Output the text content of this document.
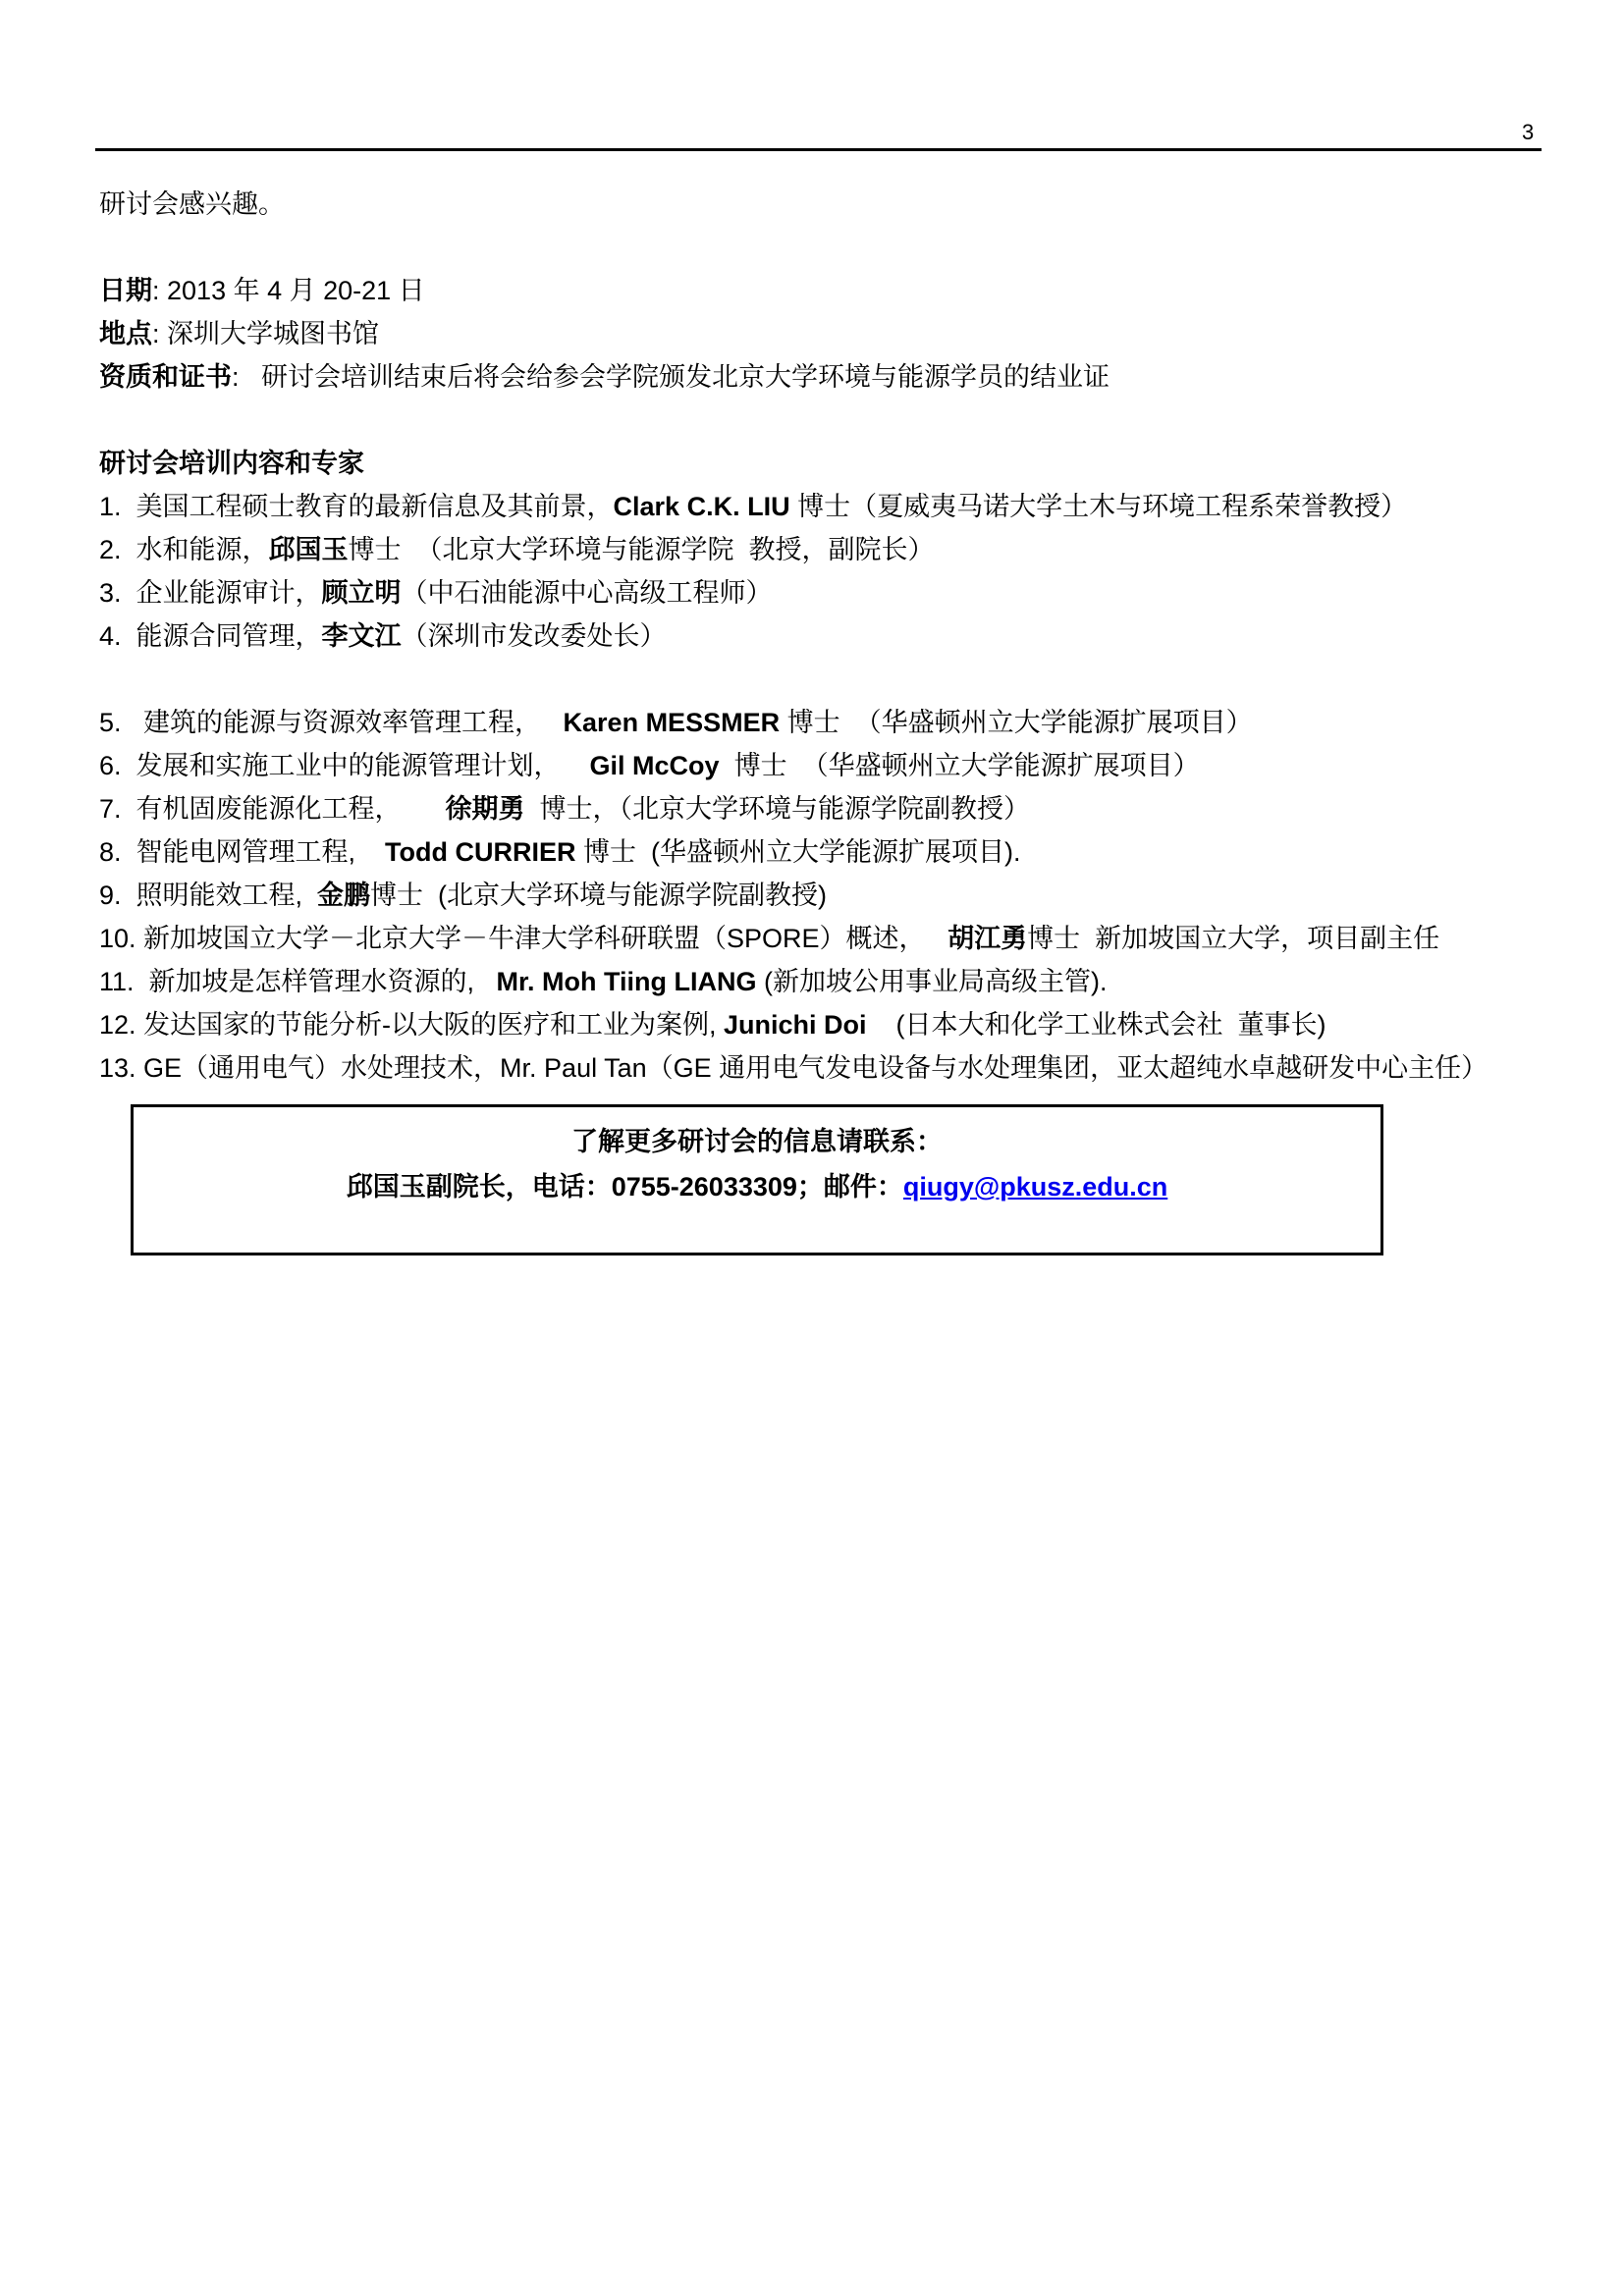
3
研讨会感兴趣。
日期: 2013 年 4 月 20-21 日
地点: 深圳大学城图书馆
资质和证书:   研讨会培训结束后将会给参会学院颁发北京大学环境与能源学员的结业证
研讨会培训内容和专家
1.  美国工程硕士教育的最新信息及其前景，Clark C.K. LIU 博士（夏威夷马诺大学土木与环境工程系荣誉教授）
2.  水和能源，邱国玉博士  （北京大学环境与能源学院  教授，副院长）
3.  企业能源审计，顾立明（中石油能源中心高级工程师）
4.  能源合同管理，李文江（深圳市发改委处长）
5.   建筑的能源与资源效率管理工程，   Karen MESSMER 博士  （华盛顿州立大学能源扩展项目）
6.  发展和实施工业中的能源管理计划，    Gil McCoy  博士  （华盛顿州立大学能源扩展项目）
7.  有机固废能源化工程，      徐期勇  博士，（北京大学环境与能源学院副教授）
8.  智能电网管理工程,    Todd CURRIER 博士  (华盛顿州立大学能源扩展项目).
9.  照明能效工程,  金鹏博士  (北京大学环境与能源学院副教授)
10. 新加坡国立大学－北京大学－牛津大学科研联盟（SPORE）概述，   胡江勇博士  新加坡国立大学，项目副主任
11.  新加坡是怎样管理水资源的,   Mr. Moh Tiing LIANG (新加坡公用事业局高级主管).
12. 发达国家的节能分析-以大阪的医疗和工业为案例, Junichi Doi    (日本大和化学工业株式会社  董事长)
13. GE（通用电气）水处理技术，Mr. Paul Tan（GE 通用电气发电设备与水处理集团，亚太超纯水卓越研发中心主任）
了解更多研讨会的信息请联系：
邱国玉副院长，电话：0755-26033309；邮件：qiugy@pkusz.edu.cn
